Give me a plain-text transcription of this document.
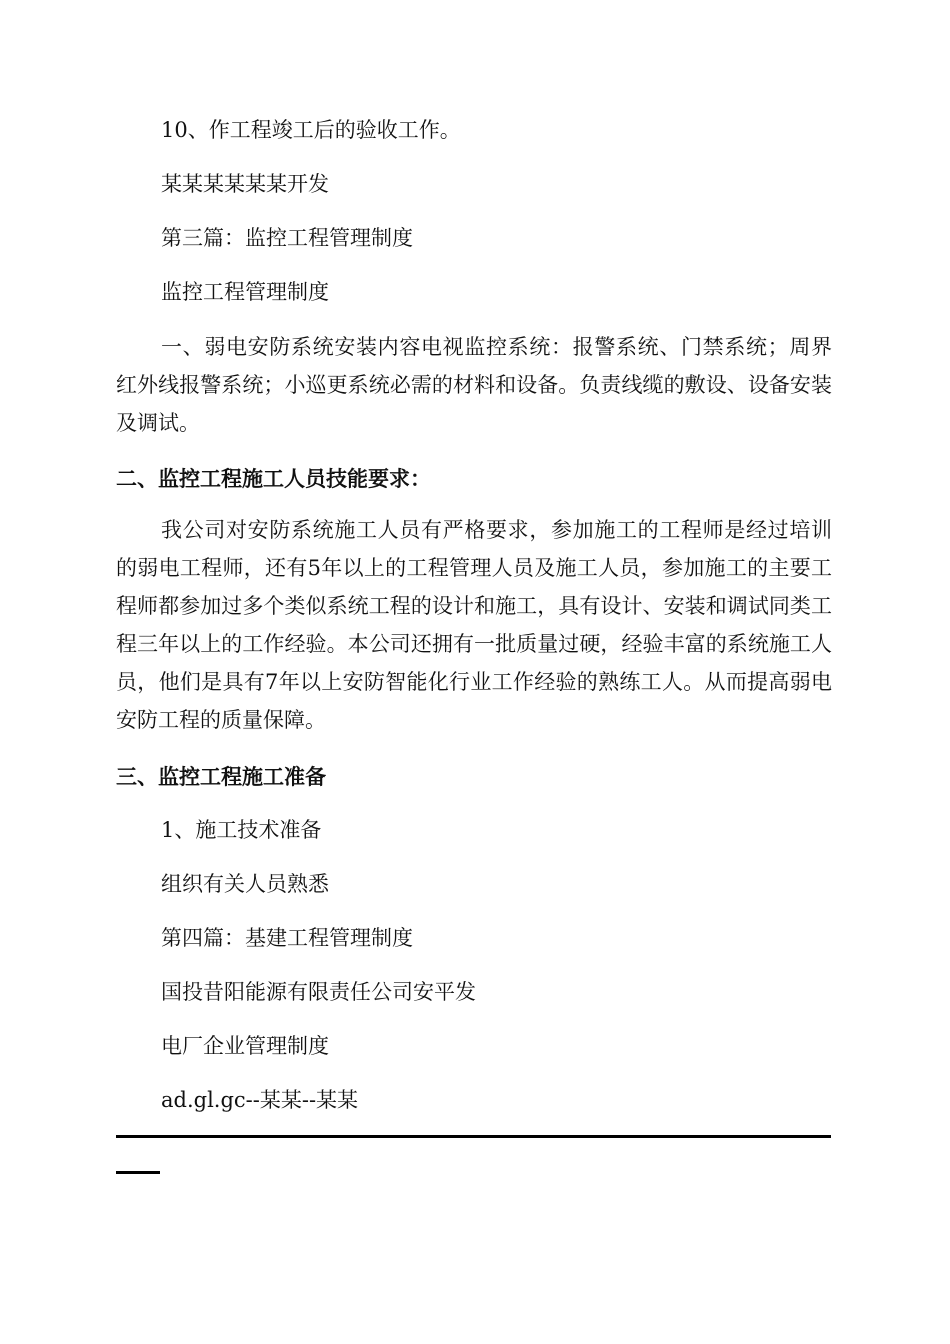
10、作工程竣工后的验收工作。
某某某某某某开发
第三篇：监控工程管理制度
监控工程管理制度
一、弱电安防系统安装内容电视监控系统：报警系统、门禁系统；周界红外线报警系统；小巡更系统必需的材料和设备。负责线缆的敷设、设备安装及调试。
二、监控工程施工人员技能要求：
我公司对安防系统施工人员有严格要求，参加施工的工程师是经过培训的弱电工程师，还有5年以上的工程管理人员及施工人员，参加施工的主要工程师都参加过多个类似系统工程的设计和施工，具有设计、安装和调试同类工程三年以上的工作经验。本公司还拥有一批质量过硬，经验丰富的系统施工人员，他们是具有7年以上安防智能化行业工作经验的熟练工人。从而提高弱电安防工程的质量保障。
三、监控工程施工准备
1、施工技术准备
组织有关人员熟悉
第四篇：基建工程管理制度
国投昔阳能源有限责任公司安平发
电厂企业管理制度
ad.gl.gc--某某--某某
